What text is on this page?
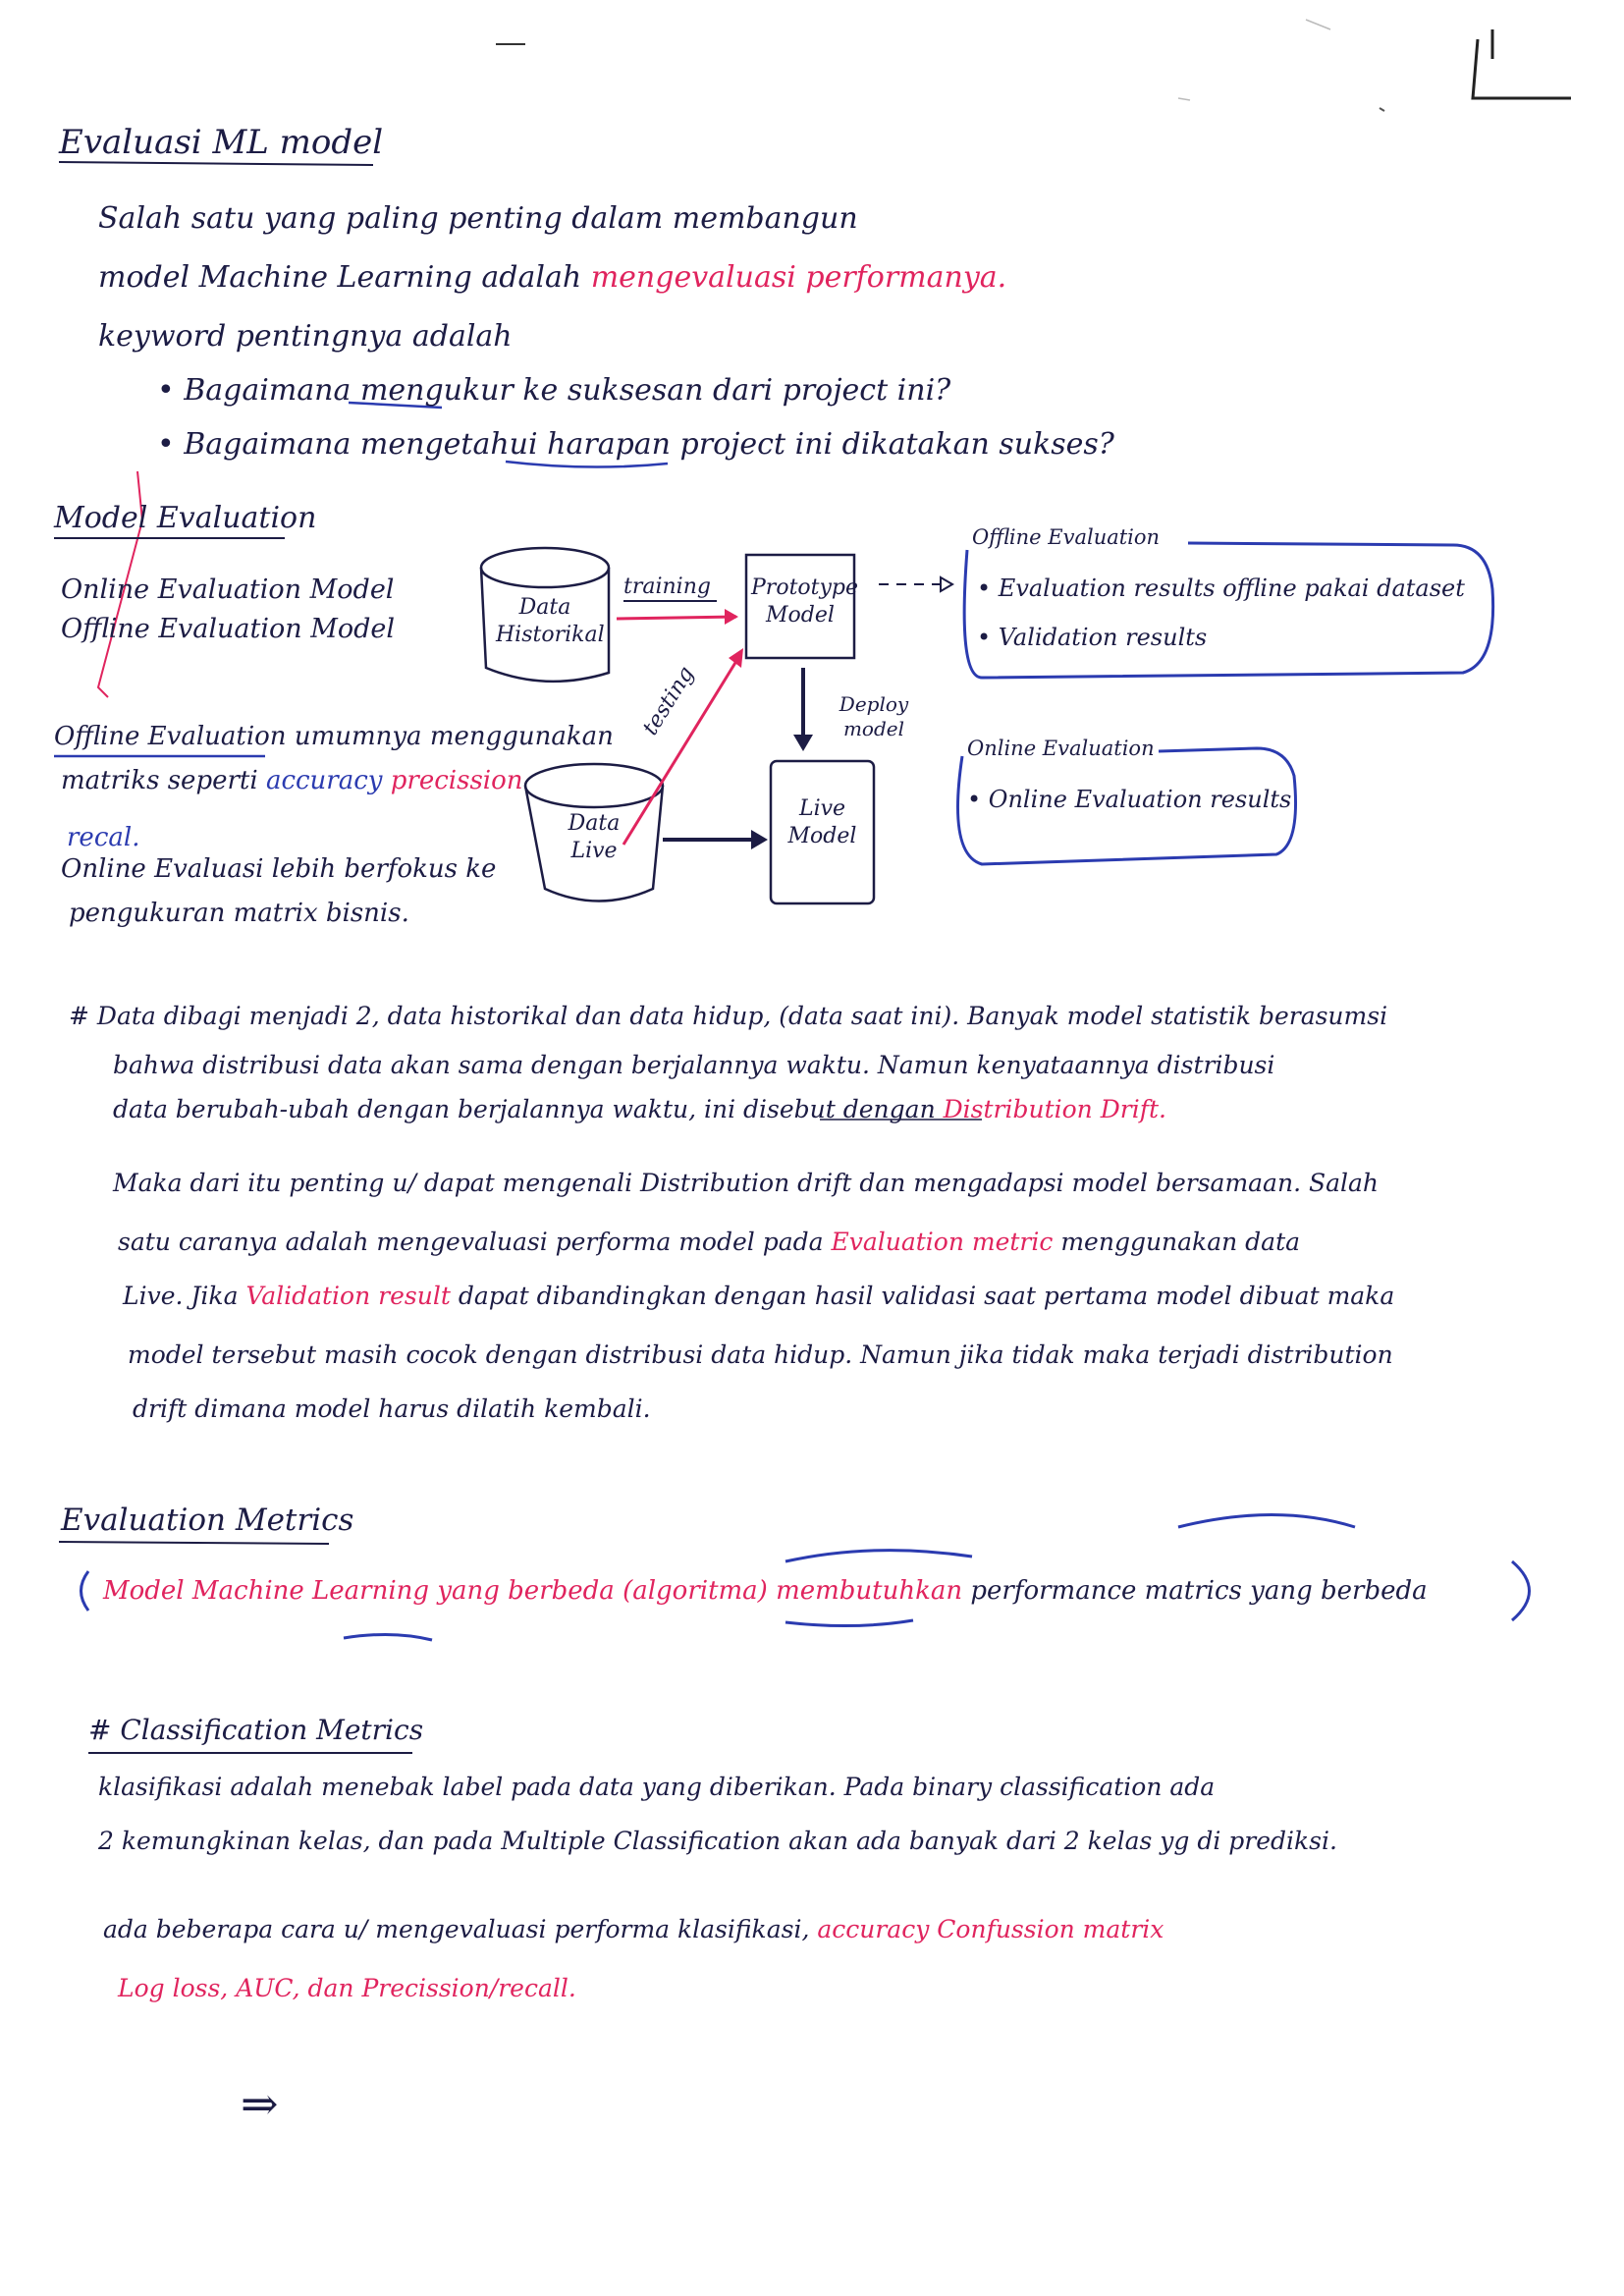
Evaluasi ML model
Salah satu yang paling penting dalam membangun
model Machine Learning adalah mengevaluasi performanya.
keyword pentingnya adalah
• Bagaimana mengukur ke suksesan dari project ini?
• Bagaimana mengetahui harapan project ini dikatakan sukses?
Model Evaluation
Online Evaluation Model
Offline Evaluation Model
Offline Evaluation umumnya menggunakan
matriks seperti accuracy precission
recal.
Online Evaluasi lebih berfokus ke
pengukuran matrix bisnis.
Data Historikal
Data Live
training
testing
Prototype Model
Live Model
Deploy model
Offline Evaluation
• Evaluation results offline pakai dataset
• Validation results
Online Evaluation
• Online Evaluation results
# Data dibagi menjadi 2, data historikal dan data hidup, (data saat ini). Banyak model statistik berasumsi
bahwa distribusi data akan sama dengan berjalannya waktu. Namun kenyataannya distribusi
data berubah-ubah dengan berjalannya waktu, ini disebut dengan Distribution Drift.
Maka dari itu penting u/ dapat mengenali Distribution drift dan mengadapsi model bersamaan. Salah
satu caranya adalah mengevaluasi performa model pada Evaluation metric menggunakan data
Live. Jika Validation result dapat dibandingkan dengan hasil validasi saat pertama model dibuat maka
model tersebut masih cocok dengan distribusi data hidup. Namun jika tidak maka terjadi distribution
drift dimana model harus dilatih kembali.
Evaluation Metrics
Model Machine Learning yang berbeda (algoritma) membutuhkan performance matrics yang berbeda
# Classification Metrics
klasifikasi adalah menebak label pada data yang diberikan. Pada binary classification ada
2 kemungkinan kelas, dan pada Multiple Classification akan ada banyak dari 2 kelas yg di prediksi.
ada beberapa cara u/ mengevaluasi performa klasifikasi, accuracy Confussion matrix
Log loss, AUC, dan Precission/recall.
⇒
